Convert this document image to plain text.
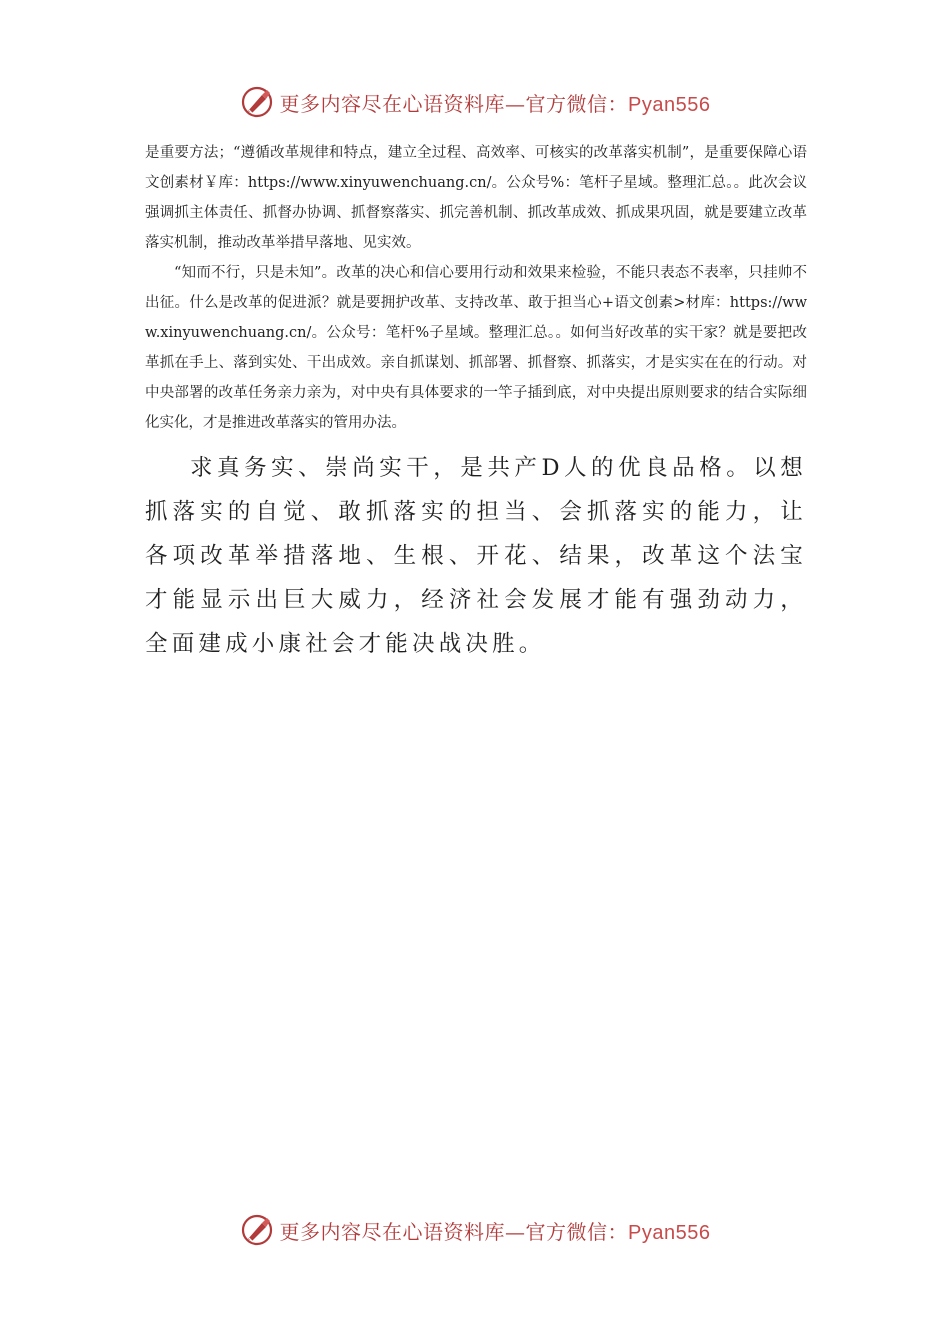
更多内容尽在心语资料库—官方微信：Pyan556

是重要方法；“遵循改革规律和特点，建立全过程、高效率、可核实的改革落实机制”，是重要保障心语文创素材￥库：https://www.xinyuwenchuang.cn/。公众号%：笔杆子星域。整理汇总。。此次会议强调抓主体责任、抓督办协调、抓督察落实、抓完善机制、抓改革成效、抓成果巩固，就是要建立改革落实机制，推动改革举措早落地、见实效。

“知而不行，只是未知”。改革的决心和信心要用行动和效果来检验，不能只表态不表率，只挂帅不出征。什么是改革的促进派？就是要拥护改革、支持改革、敢于担当心+语文创素>材库：https://www.xinyuwenchuang.cn/。公众号：笔杆%子星域。整理汇总。。如何当好改革的实干家？就是要把改革抓在手上、落到实处、干出成效。亲自抓谋划、抓部署、抓督察、抓落实，才是实实在在的行动。对中央部署的改革任务亲力亲为，对中央有具体要求的一竿子插到底，对中央提出原则要求的结合实际细化实化，才是推进改革落实的管用办法。

求真务实、崇尚实干，是共产D人的优良品格。以想抓落实的自觉、敢抓落实的担当、会抓落实的能力，让各项改革举措落地、生根、开花、结果，改革这个法宝才能显示出巨大威力，经济社会发展才能有强劲动力，全面建成小康社会才能决战决胜。

更多内容尽在心语资料库—官方微信：Pyan556
